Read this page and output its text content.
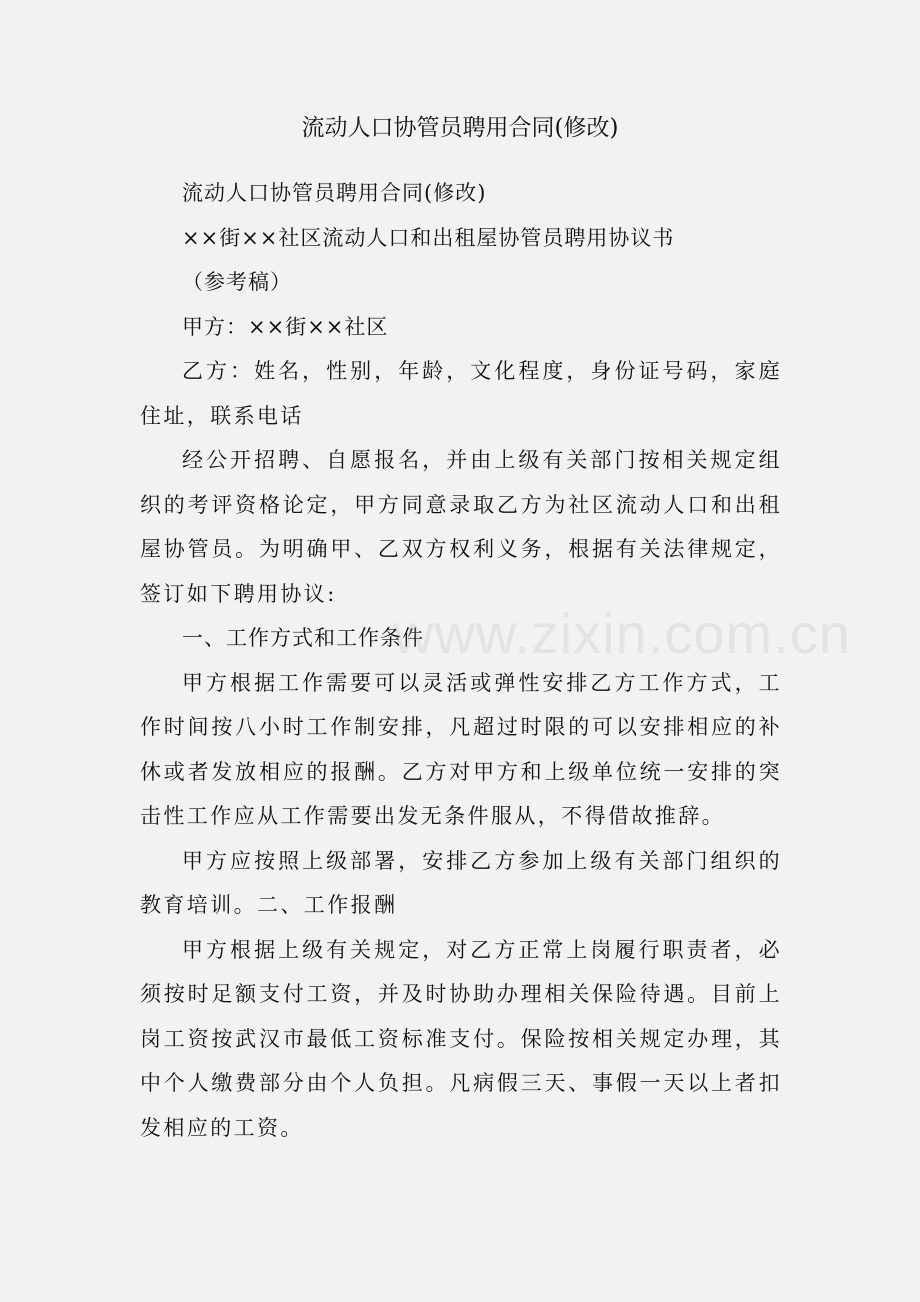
流动人口协管员聘用合同(修改)

流动人口协管员聘用合同(修改)

××街××社区流动人口和出租屋协管员聘用协议书

（参考稿）

甲方：××街××社区

乙方：姓名，性别，年龄，文化程度，身份证号码，家庭住址，联系电话

经公开招聘、自愿报名，并由上级有关部门按相关规定组织的考评资格论定，甲方同意录取乙方为社区流动人口和出租屋协管员。为明确甲、乙双方权利义务，根据有关法律规定，签订如下聘用协议:

一、工作方式和工作条件

甲方根据工作需要可以灵活或弹性安排乙方工作方式，工作时间按八小时工作制安排，凡超过时限的可以安排相应的补休或者发放相应的报酬。乙方对甲方和上级单位统一安排的突击性工作应从工作需要出发无条件服从，不得借故推辞。

甲方应按照上级部署，安排乙方参加上级有关部门组织的教育培训。二、工作报酬

甲方根据上级有关规定，对乙方正常上岗履行职责者，必须按时足额支付工资，并及时协助办理相关保险待遇。目前上岗工资按武汉市最低工资标准支付。保险按相关规定办理，其中个人缴费部分由个人负担。凡病假三天、事假一天以上者扣发相应的工资。

www.zixin.com.cn
